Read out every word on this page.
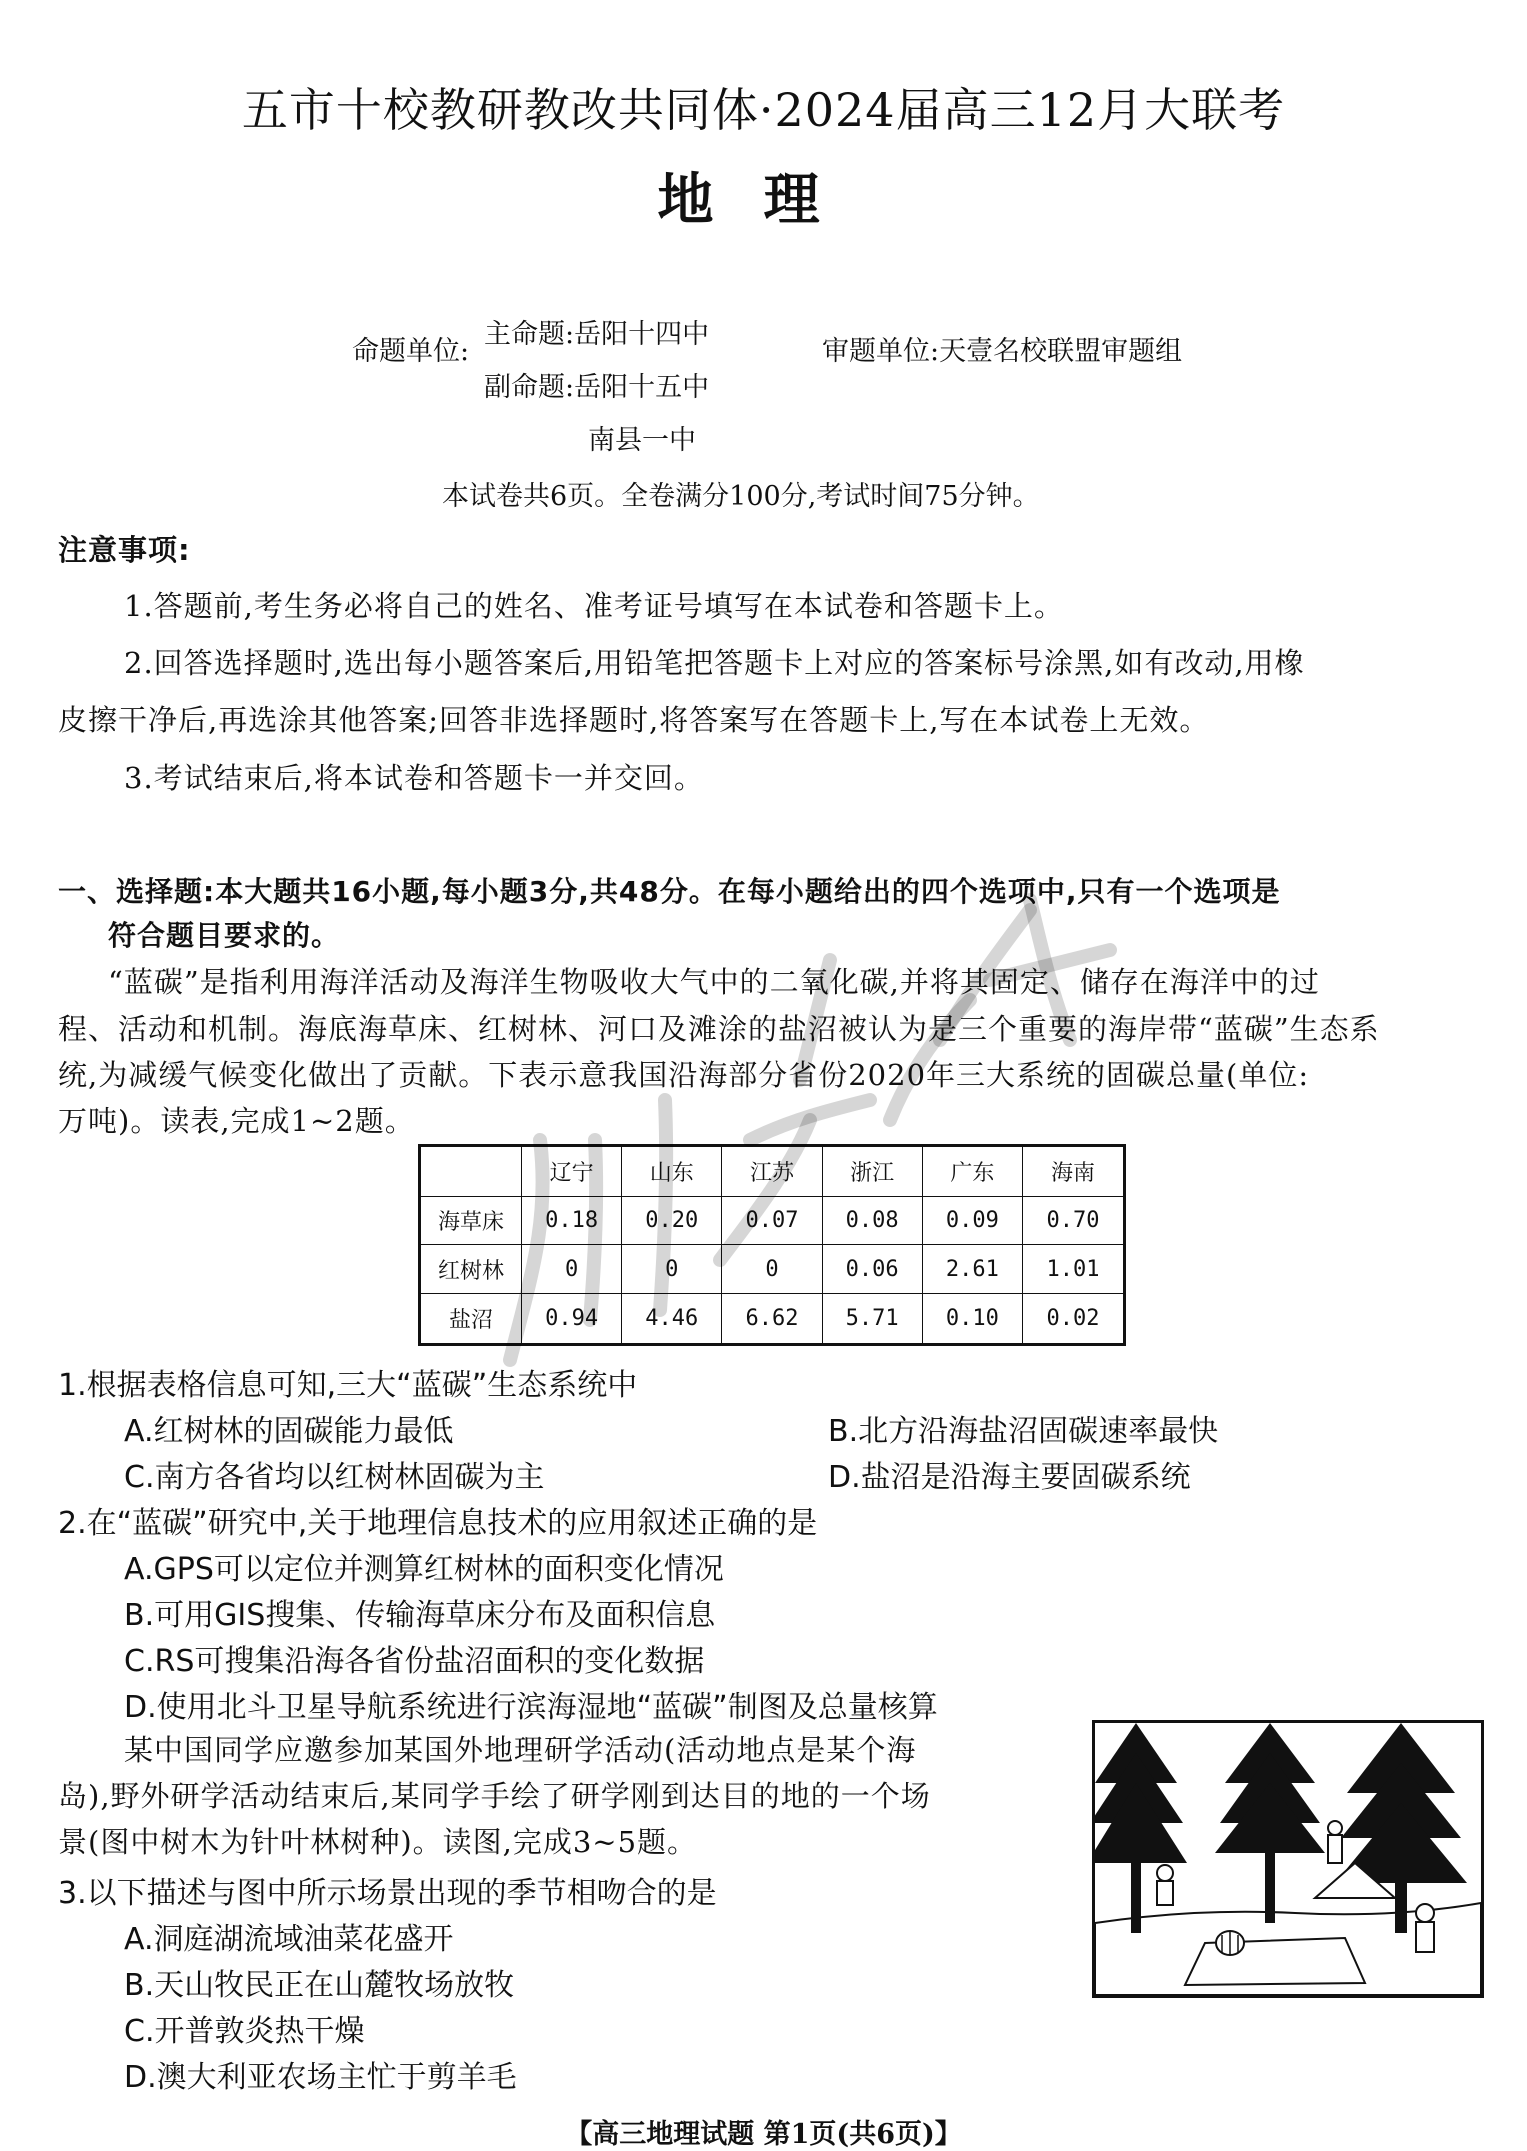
五市十校教研教改共同体·2024届高三12月大联考
地理
命题单位:
主命题:岳阳十四中
副命题:岳阳十五中
南县一中
审题单位:天壹名校联盟审题组
本试卷共6页。全卷满分100分,考试时间75分钟。
注意事项:
1.答题前,考生务必将自己的姓名、准考证号填写在本试卷和答题卡上。
2.回答选择题时,选出每小题答案后,用铅笔把答题卡上对应的答案标号涂黑,如有改动,用橡
皮擦干净后,再选涂其他答案;回答非选择题时,将答案写在答题卡上,写在本试卷上无效。
3.考试结束后,将本试卷和答题卡一并交回。
一、选择题:本大题共16小题,每小题3分,共48分。在每小题给出的四个选项中,只有一个选项是
符合题目要求的。
“蓝碳”是指利用海洋活动及海洋生物吸收大气中的二氧化碳,并将其固定、储存在海洋中的过
程、活动和机制。海底海草床、红树林、河口及滩涂的盐沼被认为是三个重要的海岸带“蓝碳”生态系
统,为减缓气候变化做出了贡献。下表示意我国沿海部分省份2020年三大系统的固碳总量(单位:
万吨)。读表,完成1~2题。
	辽宁	山东	江苏	浙江	广东	海南
海草床	0.18	0.20	0.07	0.08	0.09	0.70
红树林	0	0	0	0.06	2.61	1.01
盐沼	0.94	4.46	6.62	5.71	0.10	0.02
1.根据表格信息可知,三大“蓝碳”生态系统中
A.红树林的固碳能力最低	B.北方沿海盐沼固碳速率最快
C.南方各省均以红树林固碳为主	D.盐沼是沿海主要固碳系统
2.在“蓝碳”研究中,关于地理信息技术的应用叙述正确的是
A.GPS可以定位并测算红树林的面积变化情况
B.可用GIS搜集、传输海草床分布及面积信息
C.RS可搜集沿海各省份盐沼面积的变化数据
D.使用北斗卫星导航系统进行滨海湿地“蓝碳”制图及总量核算
某中国同学应邀参加某国外地理研学活动(活动地点是某个海
岛),野外研学活动结束后,某同学手绘了研学刚到达目的地的一个场
景(图中树木为针叶林树种)。读图,完成3~5题。
3.以下描述与图中所示场景出现的季节相吻合的是
A.洞庭湖流域油菜花盛开
B.天山牧民正在山麓牧场放牧
C.开普敦炎热干燥
D.澳大利亚农场主忙于剪羊毛
【高三地理试题 第1页(共6页)】
